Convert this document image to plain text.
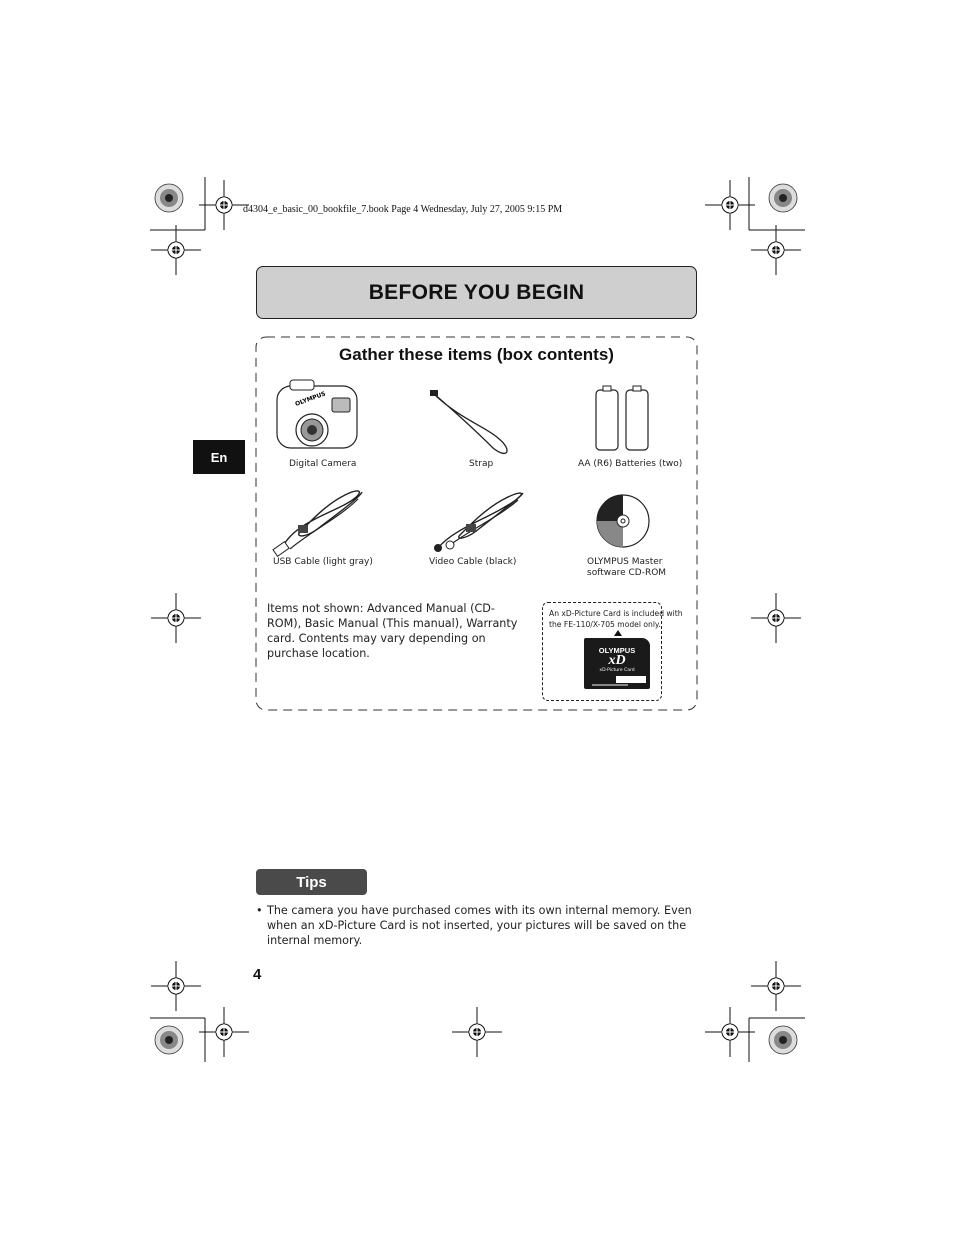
d4304_e_basic_00_bookfile_7.book Page 4 Wednesday, July 27, 2005 9:15 PM
BEFORE YOU BEGIN
En
Gather these items (box contents)
OLYMPUS
Digital Camera	Strap	AA (R6) Batteries (two)
USB Cable (light gray)	Video Cable (black)	OLYMPUS Master
software CD-ROM
Items not shown: Advanced Manual (CD-ROM), Basic Manual (This manual), Warranty card. Contents may vary depending on purchase location.
An xD-Picture Card is included with the FE-110/X-705 model only.
OLYMPUS
xD
xD-Picture Card
Tips
• The camera you have purchased comes with its own internal memory. Even when an xD-Picture Card is not inserted, your pictures will be saved on the internal memory.
4
